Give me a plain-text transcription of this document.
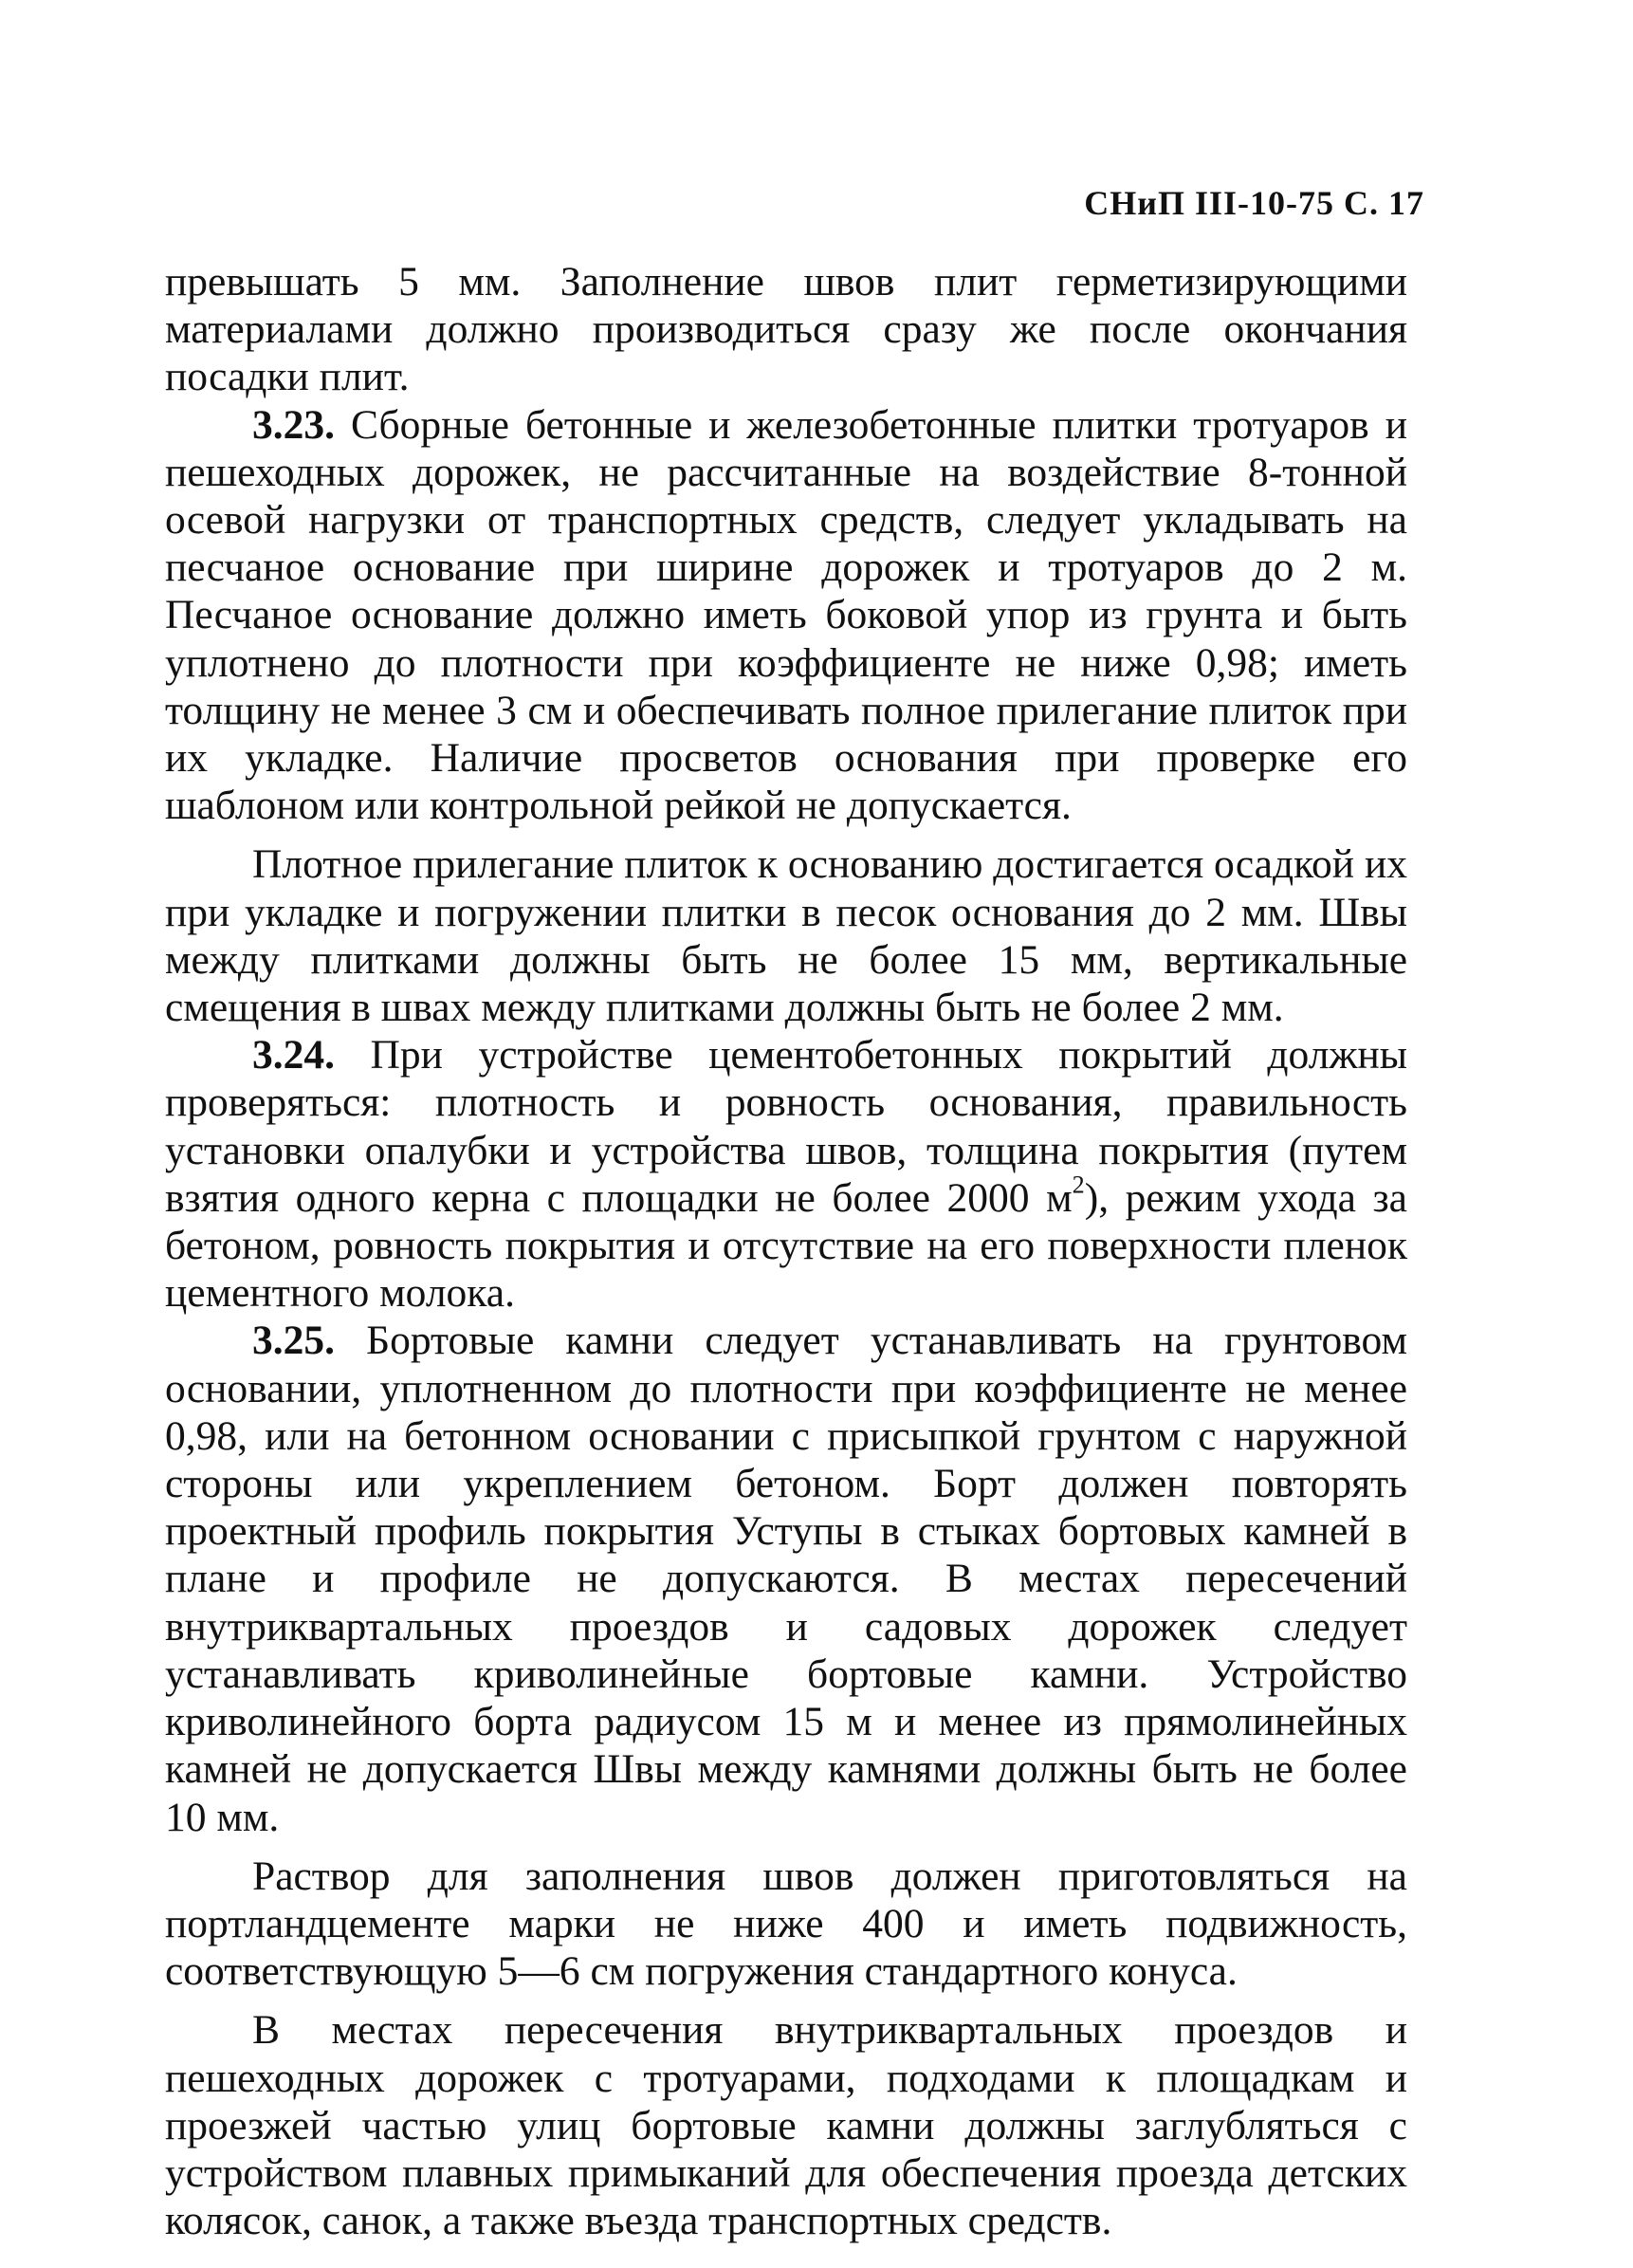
СНиП III-10-75 С. 17

превышать 5 мм. Заполнение швов плит герметизирующими материалами должно производиться сразу же после окончания посадки плит.

3.23. Сборные бетонные и железобетонные плитки тротуаров и пешеходных дорожек, не рассчитанные на воздействие 8-тонной осевой нагрузки от транспортных средств, следует укладывать на песчаное основание при ширине дорожек и тротуаров до 2 м. Песчаное основание должно иметь боковой упор из грунта и быть уплотнено до плотности при коэффициенте не ниже 0,98; иметь толщину не менее 3 см и обеспечивать полное прилегание плиток при их укладке. Наличие просветов основания при проверке его шаблоном или контрольной рейкой не допускается.

Плотное прилегание плиток к основанию достигается осадкой их при укладке и погружении плитки в песок основания до 2 мм. Швы между плитками должны быть не более 15 мм, вертикальные смещения в швах между плитками должны быть не более 2 мм.

3.24. При устройстве цементобетонных покрытий должны проверяться: плотность и ровность основания, правильность установки опалубки и устройства швов, толщина покрытия (путем взятия одного керна с площадки не более 2000 $м^2$), режим ухода за бетоном, ровность покрытия и отсутствие на его поверхности пленок цементного молока.

3.25. Бортовые камни следует устанавливать на грунтовом основании, уплотненном до плотности при коэффициенте не менее 0,98, или на бетонном основании с присыпкой грунтом с наружной стороны или укреплением бетоном. Борт должен повторять проектный профиль покрытия Уступы в стыках бортовых камней в плане и профиле не допускаются. В местах пересечений внутриквартальных проездов и садовых дорожек следует устанавливать криволинейные бортовые камни. Устройство криволинейного борта радиусом 15 м и менее из прямолинейных камней не допускается Швы между камнями должны быть не более 10 мм.

Раствор для заполнения швов должен приготовляться на портландцементе марки не ниже 400 и иметь подвижность, соответствующую 5—6 см погружения стандартного конуса.

В местах пересечения внутриквартальных проездов и пешеходных дорожек с тротуарами, подходами к площадкам и проезжей частью улиц бортовые камни должны заглубляться с устройством плавных примыканий для обеспечения проезда детских колясок, санок, а также въезда транспортных средств.
